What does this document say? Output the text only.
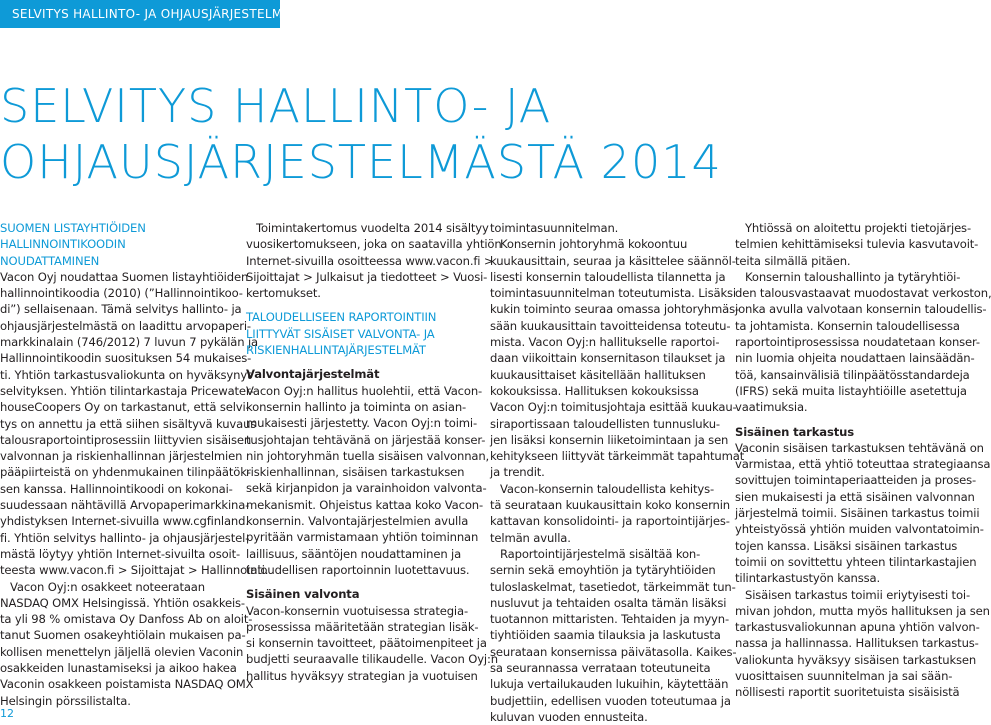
SELVITYS HALLINTO- JA OHJAUSJÄRJESTELMÄSTÄ
SELVITYS HALLINTO- JA
OHJAUSJÄRJESTELMÄSTÄ 2014
SUOMEN LISTAYHTIÖIDEN
HALLINNOINTIKOODIN
NOUDATTAMINEN
Vacon Oyj noudattaa Suomen listayhtiöiden
hallinnointikoodia (2010) (”Hallinnointikoo-
di”) sellaisenaan. Tämä selvitys hallinto- ja
ohjausjärjestelmästä on laadittu arvopaperi-
markkinalain (746/2012) 7 luvun 7 pykälän ja
Hallinnointikoodin suosituksen 54 mukaises-
ti. Yhtiön tarkastusvaliokunta on hyväksynyt
selvityksen. Yhtiön tilintarkastaja Pricewater-
houseCoopers Oy on tarkastanut, että selvi-
tys on annettu ja että siihen sisältyvä kuvaus
talousraportointiprosessiin liittyvien sisäisen
valvonnan ja riskienhallinnan järjestelmien
pääpiirteistä on yhdenmukainen tilinpäätök-
sen kanssa. Hallinnointikoodi on kokonai-
suudessaan nähtävillä Arvopaperimarkkina-
yhdistyksen Internet-sivuilla www.cgfinland.
fi. Yhtiön selvitys hallinto- ja ohjausjärjestel-
mästä löytyy yhtiön Internet-sivuilta osoit-
teesta www.vacon.fi > Sijoittajat > Hallinnointi.
Vacon Oyj:n osakkeet noteerataan
NASDAQ OMX Helsingissä. Yhtiön osakkeis-
ta yli 98 % omistava Oy Danfoss Ab on aloit-
tanut Suomen osakeyhtiölain mukaisen pa-
kollisen menettelyn jäljellä olevien Vaconin
osakkeiden lunastamiseksi ja aikoo hakea
Vaconin osakkeen poistamista NASDAQ OMX
Helsingin pörssilistalta.
Toimintakertomus vuodelta 2014 sisältyy
vuosikertomukseen, joka on saatavilla yhtiön
Internet-sivuilla osoitteessa www.vacon.fi >
Sijoittajat > Julkaisut ja tiedotteet > Vuosi-
kertomukset.
TALOUDELLISEEN RAPORTOINTIIN
LIITTYVÄT SISÄISET VALVONTA- JA
RISKIENHALLINTAJÄRJESTELMÄT
Valvontajärjestelmät
Vacon Oyj:n hallitus huolehtii, että Vacon-
konsernin hallinto ja toiminta on asian-
mukaisesti järjestetty. Vacon Oyj:n toimi-
tusjohtajan tehtävänä on järjestää konser-
nin johtoryhmän tuella sisäisen valvonnan,
riskienhallinnan, sisäisen tarkastuksen
sekä kirjanpidon ja varainhoidon valvonta-
mekanismit. Ohjeistus kattaa koko Vacon-
konsernin. Valvontajärjestelmien avulla
pyritään varmistamaan yhtiön toiminnan
laillisuus, sääntöjen noudattaminen ja
taloudellisen raportoinnin luotettavuus.
Sisäinen valvonta
Vacon-konsernin vuotuisessa strategia-
prosessissa määritetään strategian lisäk-
si konsernin tavoitteet, päätoimenpiteet ja
budjetti seuraavalle tilikaudelle. Vacon Oyj:n
hallitus hyväksyy strategian ja vuotuisen
toimintasuunnitelman.
Konsernin johtoryhmä kokoontuu
kuukausittain, seuraa ja käsittelee säännöl-
lisesti konsernin taloudellista tilannetta ja
toimintasuunnitelman toteutumista. Lisäksi
kukin toiminto seuraa omassa johtoryhmäs-
sään kuukausittain tavoitteidensa toteutu-
mista. Vacon Oyj:n hallitukselle raportoi-
daan viikoittain konsernitason tilaukset ja
kuukausittaiset käsitellään hallituksen
kokouksissa. Hallituksen kokouksissa
Vacon Oyj:n toimitusjohtaja esittää kuukau-
siraportissaan taloudellisten tunnusluku-
jen lisäksi konsernin liiketoimintaan ja sen
kehitykseen liittyvät tärkeimmät tapahtumat
ja trendit.
Vacon-konsernin taloudellista kehitys-
tä seurataan kuukausittain koko konsernin
kattavan konsolidointi- ja raportointijärjes-
telmän avulla.
Raportointijärjestelmä sisältää kon-
sernin sekä emoyhtiön ja tytäryhtiöiden
tuloslaskelmat, tasetiedot, tärkeimmät tun-
nusluvut ja tehtaiden osalta tämän lisäksi
tuotannon mittaristen. Tehtaiden ja myyn-
tiyhtiöiden saamia tilauksia ja laskutusta
seurataan konsernissa päivätasolla. Kaikes-
sa seurannassa verrataan toteutuneita
lukuja vertailukauden lukuihin, käytettään
budjettiin, edellisen vuoden toteutumaa ja
kuluvan vuoden ennusteita.
Yhtiössä on aloitettu projekti tietojärjes-
telmien kehittämiseksi tulevia kasvutavoit-
teita silmällä pitäen.
Konsernin taloushallinto ja tytäryhtiöi-
den talousvastaavat muodostavat verkoston,
jonka avulla valvotaan konsernin taloudellis-
ta johtamista. Konsernin taloudellisessa
raportointiprosessissa noudatetaan konser-
nin luomia ohjeita noudattaen lainsäädän-
töä, kansainvälisiä tilinpäätösstandardeja
(IFRS) sekä muita listayhtiöille asetettuja
vaatimuksia.
Sisäinen tarkastus
Vaconin sisäisen tarkastuksen tehtävänä on
varmistaa, että yhtiö toteuttaa strategiaansa
sovittujen toimintaperiaatteiden ja proses-
sien mukaisesti ja että sisäinen valvonnan
järjestelmä toimii. Sisäinen tarkastus toimii
yhteistyössä yhtiön muiden valvontatoimin-
tojen kanssa. Lisäksi sisäinen tarkastus
toimii on sovittettu yhteen tilintarkastajien
tilintarkastustyön kanssa.
Sisäisen tarkastus toimii eriytyisesti toi-
mivan johdon, mutta myös hallituksen ja sen
tarkastusvaliokunnan apuna yhtiön valvon-
nassa ja hallinnassa. Hallituksen tarkastus-
valiokunta hyväksyy sisäisen tarkastuksen
vuosittaisen suunnitelman ja sai sään-
nöllisesti raportit suoritetuista sisäisistä
12
